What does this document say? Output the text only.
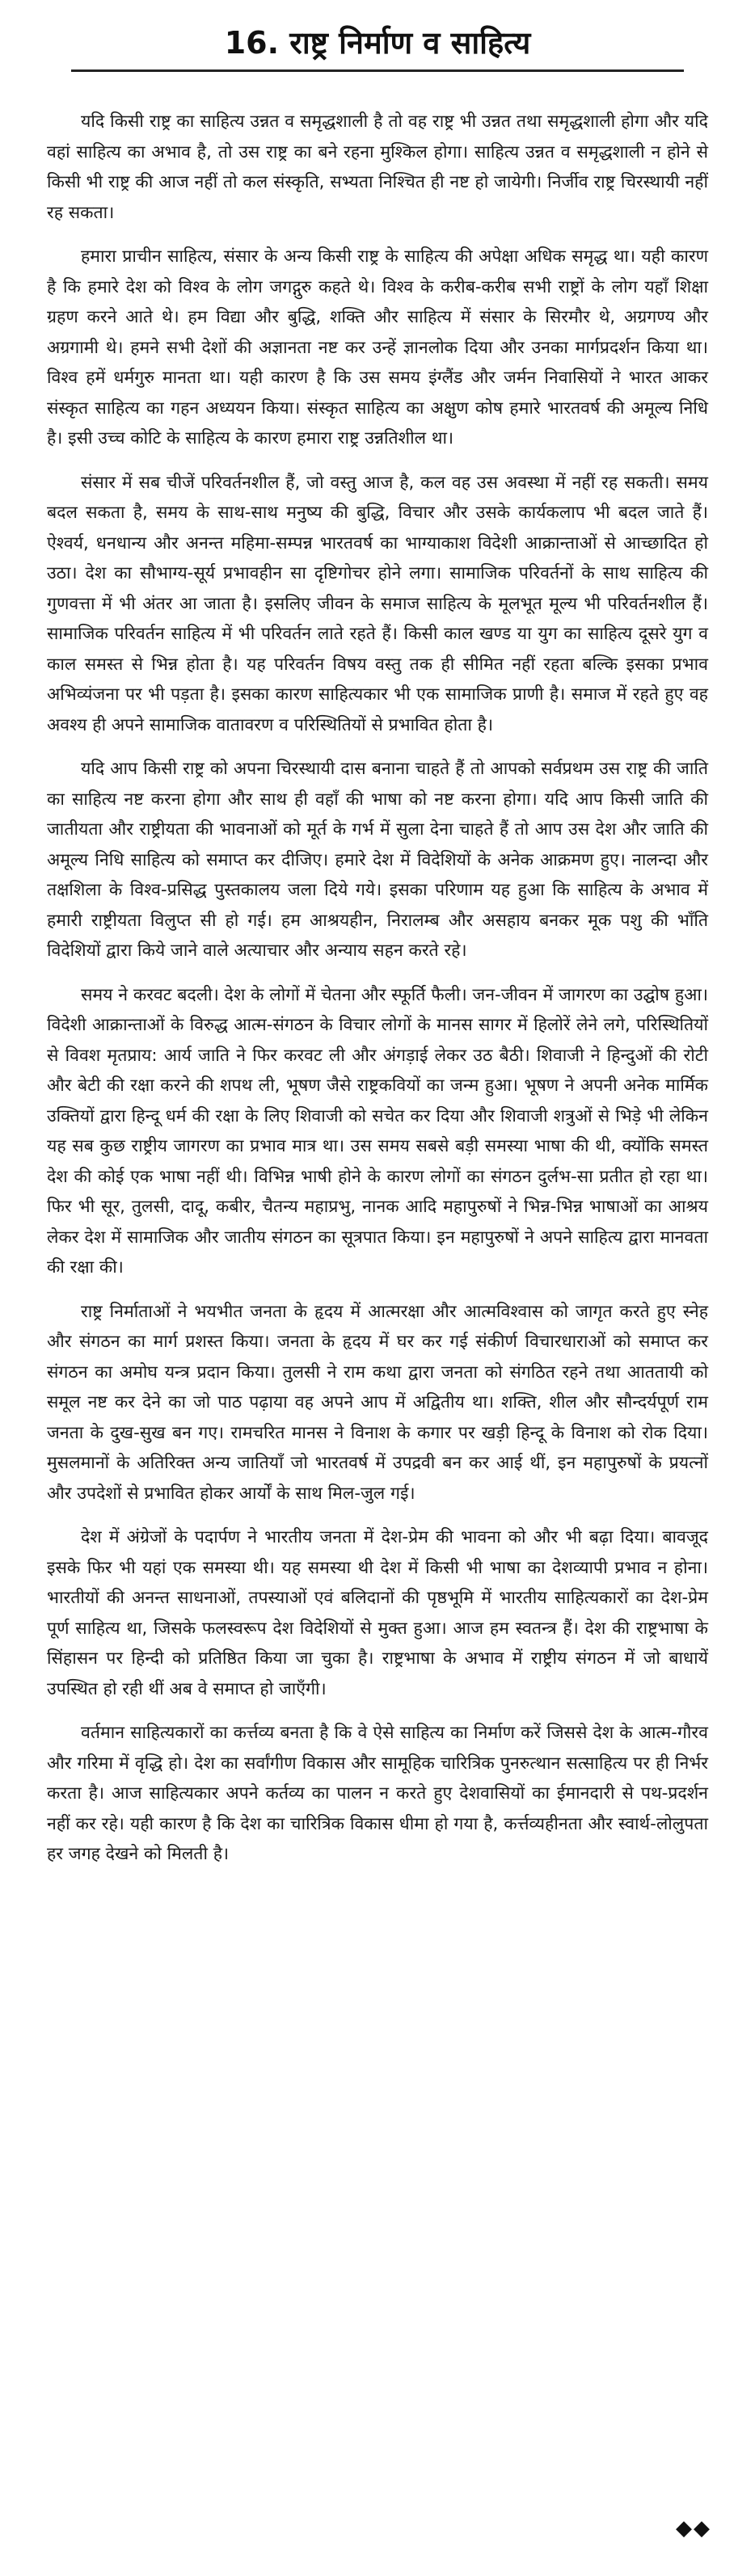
16. राष्ट्र निर्माण व साहित्य

यदि किसी राष्ट्र का साहित्य उन्नत व समृद्धशाली है तो वह राष्ट्र भी उन्नत तथा समृद्धशाली होगा और यदि वहां साहित्य का अभाव है, तो उस राष्ट्र का बने रहना मुश्किल होगा। साहित्य उन्नत व समृद्धशाली न होने से किसी भी राष्ट्र की आज नहीं तो कल संस्कृति, सभ्यता निश्चित ही नष्ट हो जायेगी। निर्जीव राष्ट्र चिरस्थायी नहीं रह सकता।

हमारा प्राचीन साहित्य, संसार के अन्य किसी राष्ट्र के साहित्य की अपेक्षा अधिक समृद्ध था। यही कारण है कि हमारे देश को विश्व के लोग जगद्गुरु कहते थे। विश्व के करीब-करीब सभी राष्ट्रों के लोग यहाँ शिक्षा ग्रहण करने आते थे। हम विद्या और बुद्धि, शक्ति और साहित्य में संसार के सिरमौर थे, अग्रगण्य और अग्रगामी थे। हमने सभी देशों की अज्ञानता नष्ट कर उन्हें ज्ञानलोक दिया और उनका मार्गप्रदर्शन किया था। विश्व हमें धर्मगुरु मानता था। यही कारण है कि उस समय इंग्लैंड और जर्मन निवासियों ने भारत आकर संस्कृत साहित्य का गहन अध्ययन किया। संस्कृत साहित्य का अक्षुण कोष हमारे भारतवर्ष की अमूल्य निधि है। इसी उच्च कोटि के साहित्य के कारण हमारा राष्ट्र उन्नतिशील था।

संसार में सब चीजें परिवर्तनशील हैं, जो वस्तु आज है, कल वह उस अवस्था में नहीं रह सकती। समय बदल सकता है, समय के साथ-साथ मनुष्य की बुद्धि, विचार और उसके कार्यकलाप भी बदल जाते हैं। ऐश्वर्य, धनधान्य और अनन्त महिमा-सम्पन्न भारतवर्ष का भाग्याकाश विदेशी आक्रान्ताओं से आच्छादित हो उठा। देश का सौभाग्य-सूर्य प्रभावहीन सा दृष्टिगोचर होने लगा। सामाजिक परिवर्तनों के साथ साहित्य की गुणवत्ता में भी अंतर आ जाता है। इसलिए जीवन के समाज साहित्य के मूलभूत मूल्य भी परिवर्तनशील हैं। सामाजिक परिवर्तन साहित्य में भी परिवर्तन लाते रहते हैं। किसी काल खण्ड या युग का साहित्य दूसरे युग व काल समस्त से भिन्न होता है। यह परिवर्तन विषय वस्तु तक ही सीमित नहीं रहता बल्कि इसका प्रभाव अभिव्यंजना पर भी पड़ता है। इसका कारण साहित्यकार भी एक सामाजिक प्राणी है। समाज में रहते हुए वह अवश्य ही अपने सामाजिक वातावरण व परिस्थितियों से प्रभावित होता है।

यदि आप किसी राष्ट्र को अपना चिरस्थायी दास बनाना चाहते हैं तो आपको सर्वप्रथम उस राष्ट्र की जाति का साहित्य नष्ट करना होगा और साथ ही वहाँ की भाषा को नष्ट करना होगा। यदि आप किसी जाति की जातीयता और राष्ट्रीयता की भावनाओं को मूर्त के गर्भ में सुला देना चाहते हैं तो आप उस देश और जाति की अमूल्य निधि साहित्य को समाप्त कर दीजिए। हमारे देश में विदेशियों के अनेक आक्रमण हुए। नालन्दा और तक्षशिला के विश्व-प्रसिद्ध पुस्तकालय जला दिये गये। इसका परिणाम यह हुआ कि साहित्य के अभाव में हमारी राष्ट्रीयता विलुप्त सी हो गई। हम आश्रयहीन, निरालम्ब और असहाय बनकर मूक पशु की भाँति विदेशियों द्वारा किये जाने वाले अत्याचार और अन्याय सहन करते रहे।

समय ने करवट बदली। देश के लोगों में चेतना और स्फूर्ति फैली। जन-जीवन में जागरण का उद्घोष हुआ। विदेशी आक्रान्ताओं के विरुद्ध आत्म-संगठन के विचार लोगों के मानस सागर में हिलोरें लेने लगे, परिस्थितियों से विवश मृतप्राय: आर्य जाति ने फिर करवट ली और अंगड़ाई लेकर उठ बैठी। शिवाजी ने हिन्दुओं की रोटी और बेटी की रक्षा करने की शपथ ली, भूषण जैसे राष्ट्रकवियों का जन्म हुआ। भूषण ने अपनी अनेक मार्मिक उक्तियों द्वारा हिन्दू धर्म की रक्षा के लिए शिवाजी को सचेत कर दिया और शिवाजी शत्रुओं से भिड़े भी लेकिन यह सब कुछ राष्ट्रीय जागरण का प्रभाव मात्र था। उस समय सबसे बड़ी समस्या भाषा की थी, क्योंकि समस्त देश की कोई एक भाषा नहीं थी। विभिन्न भाषी होने के कारण लोगों का संगठन दुर्लभ-सा प्रतीत हो रहा था। फिर भी सूर, तुलसी, दादू, कबीर, चैतन्य महाप्रभु, नानक आदि महापुरुषों ने भिन्न-भिन्न भाषाओं का आश्रय लेकर देश में सामाजिक और जातीय संगठन का सूत्रपात किया। इन महापुरुषों ने अपने साहित्य द्वारा मानवता की रक्षा की।

राष्ट्र निर्माताओं ने भयभीत जनता के हृदय में आत्मरक्षा और आत्मविश्वास को जागृत करते हुए स्नेह और संगठन का मार्ग प्रशस्त किया। जनता के हृदय में घर कर गई संकीर्ण विचारधाराओं को समाप्त कर संगठन का अमोघ यन्त्र प्रदान किया। तुलसी ने राम कथा द्वारा जनता को संगठित रहने तथा आततायी को समूल नष्ट कर देने का जो पाठ पढ़ाया वह अपने आप में अद्वितीय था। शक्ति, शील और सौन्दर्यपूर्ण राम जनता के दुख-सुख बन गए। रामचरित मानस ने विनाश के कगार पर खड़ी हिन्दू के विनाश को रोक दिया। मुसलमानों के अतिरिक्त अन्य जातियाँ जो भारतवर्ष में उपद्रवी बन कर आई थीं, इन महापुरुषों के प्रयत्नों और उपदेशों से प्रभावित होकर आर्यों के साथ मिल-जुल गई।

देश में अंग्रेजों के पदार्पण ने भारतीय जनता में देश-प्रेम की भावना को और भी बढ़ा दिया। बावजूद इसके फिर भी यहां एक समस्या थी। यह समस्या थी देश में किसी भी भाषा का देशव्यापी प्रभाव न होना। भारतीयों की अनन्त साधनाओं, तपस्याओं एवं बलिदानों की पृष्ठभूमि में भारतीय साहित्यकारों का देश-प्रेम पूर्ण साहित्य था, जिसके फलस्वरूप देश विदेशियों से मुक्त हुआ। आज हम स्वतन्त्र हैं। देश की राष्ट्रभाषा के सिंहासन पर हिन्दी को प्रतिष्ठित किया जा चुका है। राष्ट्रभाषा के अभाव में राष्ट्रीय संगठन में जो बाधायें उपस्थित हो रही थीं अब वे समाप्त हो जाएँगी।

वर्तमान साहित्यकारों का कर्त्तव्य बनता है कि वे ऐसे साहित्य का निर्माण करें जिससे देश के आत्म-गौरव और गरिमा में वृद्धि हो। देश का सर्वांगीण विकास और सामूहिक चारित्रिक पुनरुत्थान सत्साहित्य पर ही निर्भर करता है। आज साहित्यकार अपने कर्तव्य का पालन न करते हुए देशवासियों का ईमानदारी से पथ-प्रदर्शन नहीं कर रहे। यही कारण है कि देश का चारित्रिक विकास धीमा हो गया है, कर्त्तव्यहीनता और स्वार्थ-लोलुपता हर जगह देखने को मिलती है।

◆◆
